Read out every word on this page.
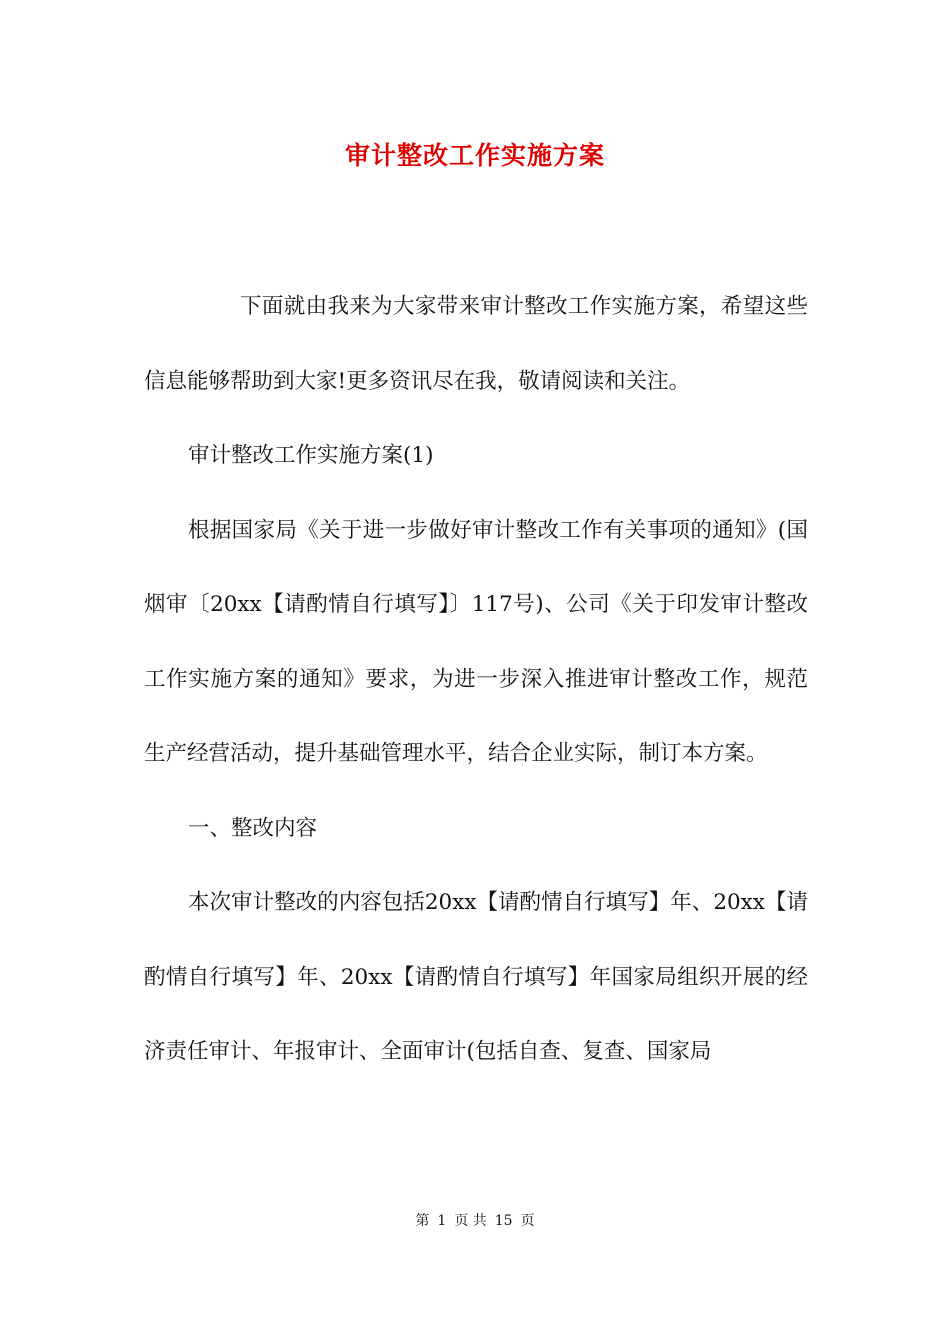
审计整改工作实施方案

下面就由我来为大家带来审计整改工作实施方案，希望这些信息能够帮助到大家!更多资讯尽在我，敬请阅读和关注。

审计整改工作实施方案(1)

根据国家局《关于进一步做好审计整改工作有关事项的通知》(国烟审〔20xx【请酌情自行填写】〕117号)、公司《关于印发审计整改工作实施方案的通知》要求，为进一步深入推进审计整改工作，规范生产经营活动，提升基础管理水平，结合企业实际，制订本方案。

一、整改内容

本次审计整改的内容包括20xx【请酌情自行填写】年、20xx【请酌情自行填写】年、20xx【请酌情自行填写】年国家局组织开展的经济责任审计、年报审计、全面审计(包括自查、复查、国家局

第 1 页 共 15 页
